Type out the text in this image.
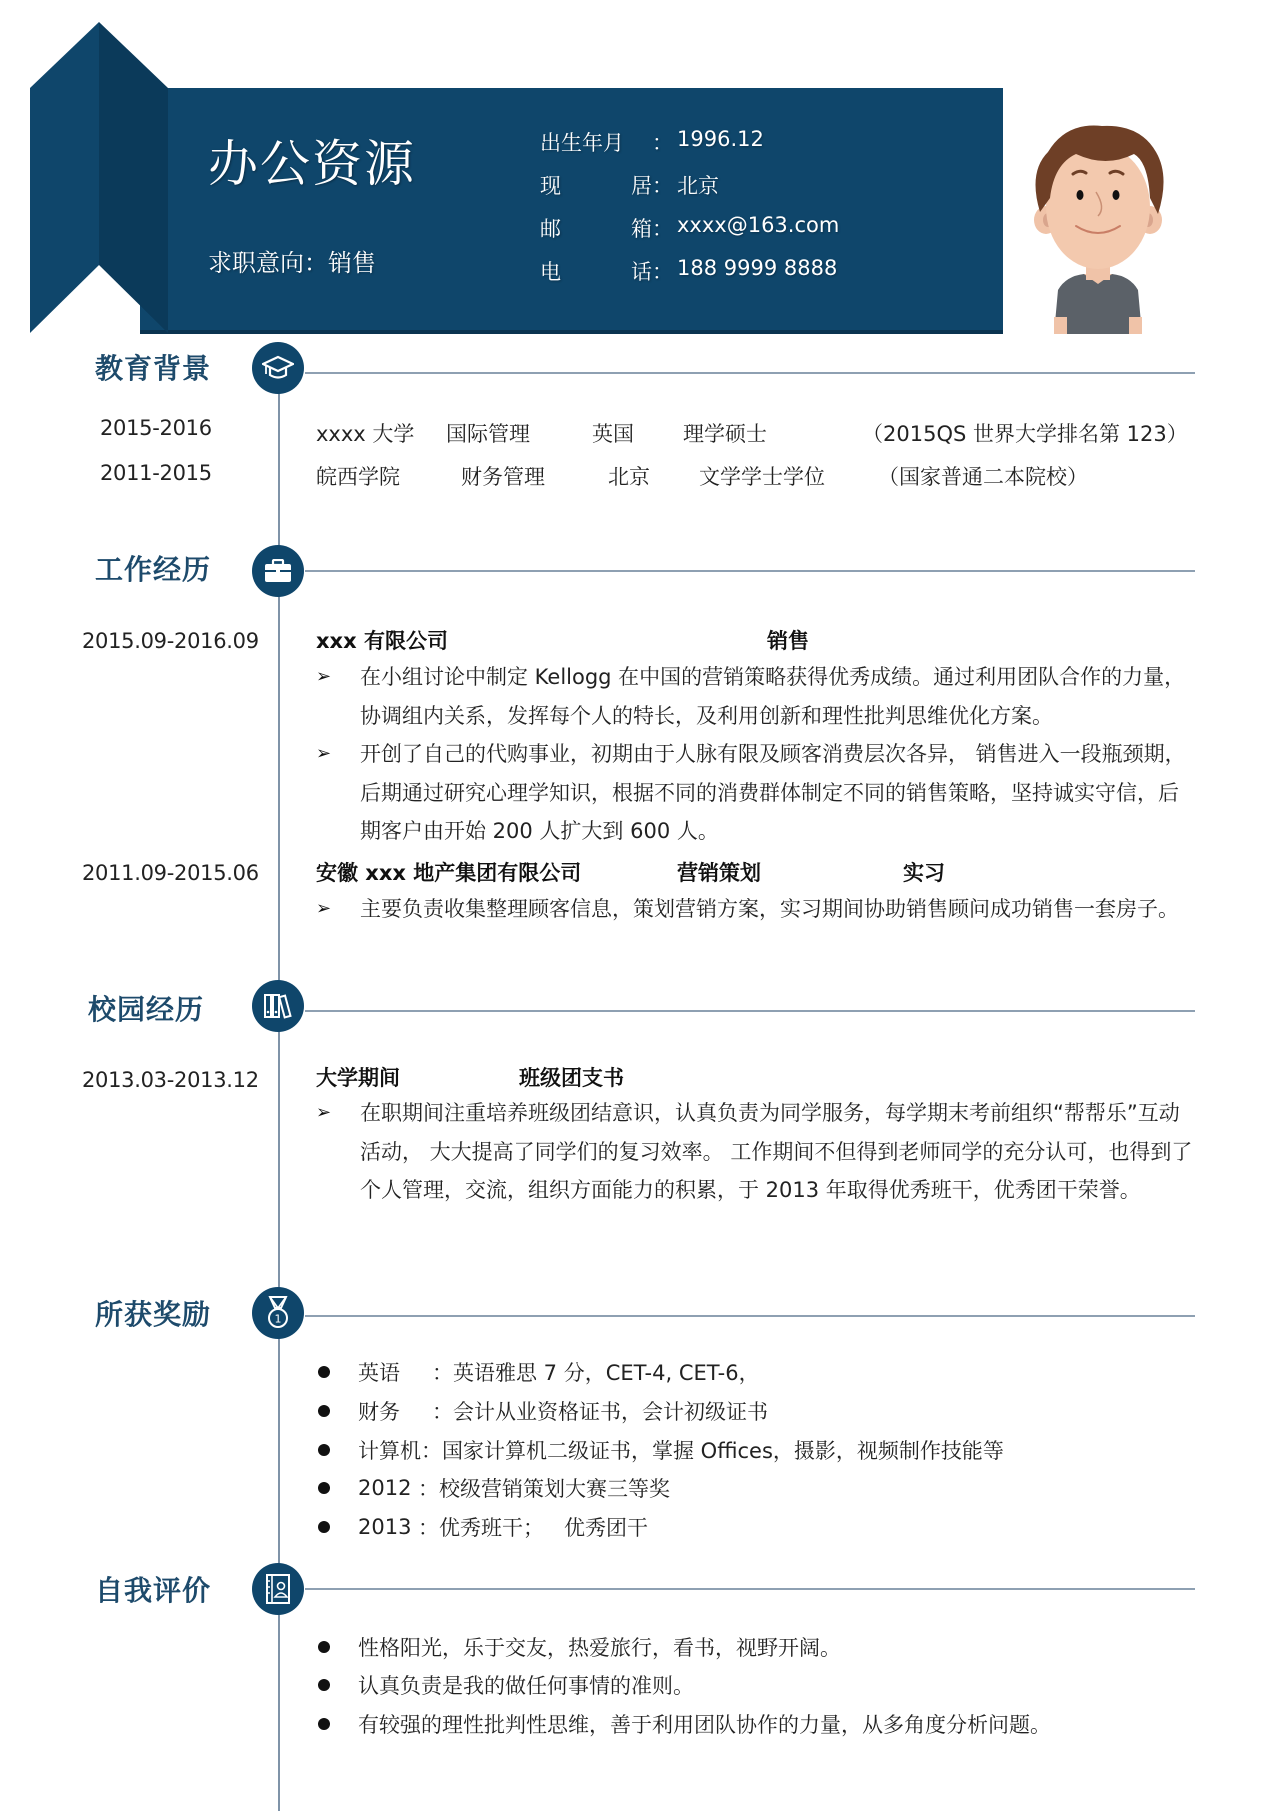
办公资源
求职意向：销售
出生年月 ： 1996.12
现	居 ： 北京
邮	箱 ： xxxx@163.com
电	话 ： 188 9999 8888
教育背景
2015-2016	xxxx 大学 国际管理	英国 理学硕士	（2015QS 世界大学排名第 123）
2011-2015	皖西学院	财务管理	北京 文学学士学位	（国家普通二本院校）
工作经历
2015.09-2016.09	xxx 有限公司	销售
➢ 在小组讨论中制定 Kellogg 在中国的营销策略获得优秀成绩。通过利用团队合作的力量，协调组内关系，发挥每个人的特长，及利用创新和理性批判思维优化方案。
➢ 开创了自己的代购事业，初期由于人脉有限及顾客消费层次各异， 销售进入一段瓶颈期， 后期通过研究心理学知识，根据不同的消费群体制定不同的销售策略，坚持诚实守信，后期客户由开始 200 人扩大到 600 人。
2011.09-2015.06	安徽 xxx 地产集团有限公司	营销策划	实习
➢ 主要负责收集整理顾客信息，策划营销方案，实习期间协助销售顾问成功销售一套房子。
校园经历
2013.03-2013.12	大学期间	班级团支书
➢ 在职期间注重培养班级团结意识，认真负责为同学服务，每学期末考前组织“帮帮乐”互动活动， 大大提高了同学们的复习效率。 工作期间不但得到老师同学的充分认可，也得到了个人管理，交流，组织方面能力的积累，于 2013 年取得优秀班干，优秀团干荣誉。
所获奖励	1
英语	： 英语雅思 7 分，CET-4, CET-6，
财务	： 会计从业资格证书，会计初级证书
计算机 ： 国家计算机二级证书，掌握 Offices，摄影，视频制作技能等
2012 ： 校级营销策划大赛三等奖
2013 ： 优秀班干；   优秀团干
自我评价
性格阳光，乐于交友，热爱旅行，看书，视野开阔。
认真负责是我的做任何事情的准则。
有较强的理性批判性思维，善于利用团队协作的力量，从多角度分析问题。
